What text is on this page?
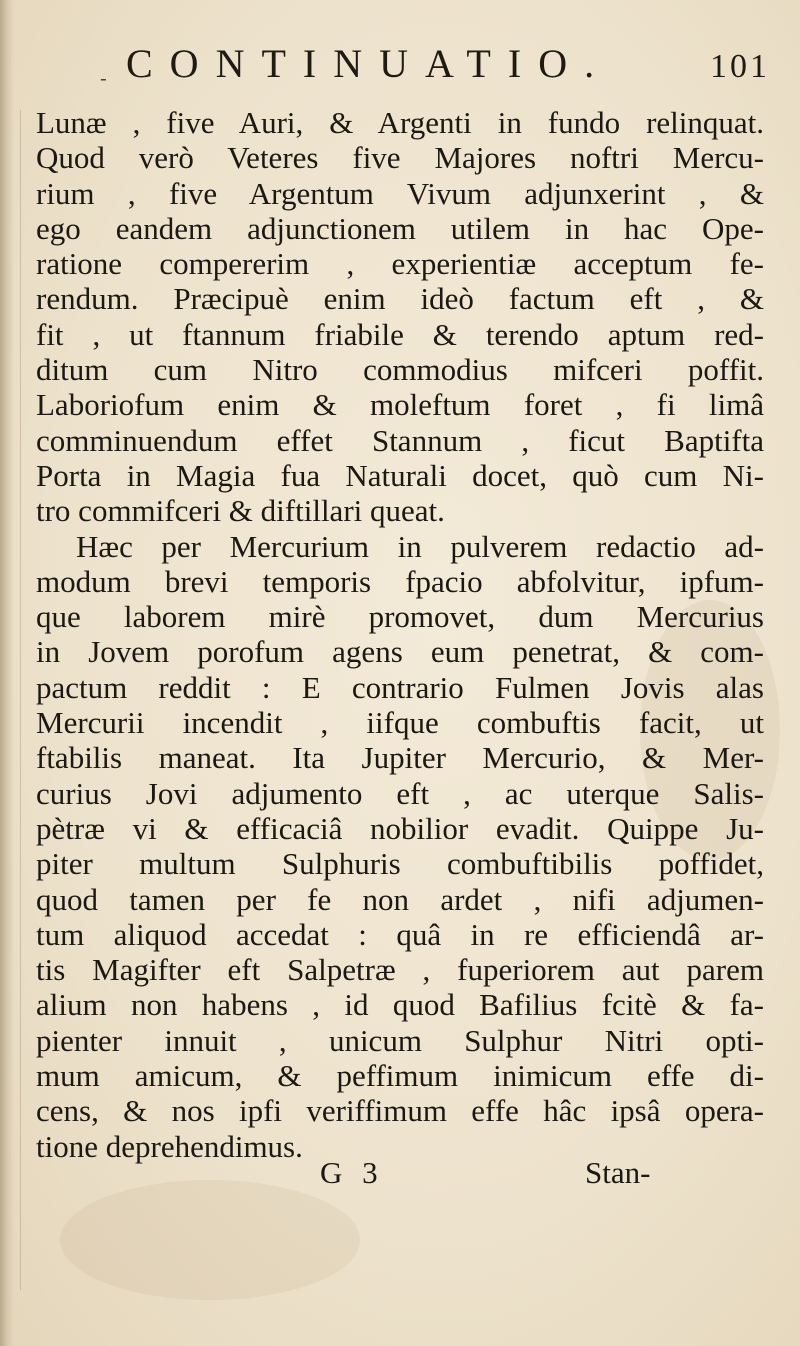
- CONTINUATIO.	101
Lunæ , five Auri, & Argenti in fundo relinquat.
Quod verò Veteres five Majores noftri Mercu-
rium , five Argentum Vivum adjunxerint , &
ego eandem adjunctionem utilem in hac Ope-
ratione compererim , experientiæ acceptum fe-
rendum. Præcipuè enim ideò factum eft , &
fit , ut ftannum friabile & terendo aptum red-
ditum cum Nitro commodius mifceri poffit.
Laboriofum enim & moleftum foret , fi limâ
comminuendum effet Stannum , ficut Baptifta
Porta in Magia fua Naturali docet, quò cum Ni-
tro commifceri & diftillari queat.
Hæc per Mercurium in pulverem redactio ad-
modum brevi temporis fpacio abfolvitur, ipfum-
que laborem mirè promovet, dum Mercurius
in Jovem porofum agens eum penetrat, & com-
pactum reddit : E contrario Fulmen Jovis alas
Mercurii incendit , iifque combuftis facit, ut
ftabilis maneat. Ita Jupiter Mercurio, & Mer-
curius Jovi adjumento eft , ac uterque Salis-
pètræ vi & efficaciâ nobilior evadit. Quippe Ju-
piter multum Sulphuris combuftibilis poffidet,
quod tamen per fe non ardet , nifi adjumen-
tum aliquod accedat : quâ in re efficiendâ ar-
tis Magifter eft Salpetræ , fuperiorem aut parem
alium non habens , id quod Bafilius fcitè & fa-
pienter innuit , unicum Sulphur Nitri opti-
mum amicum, & peffimum inimicum effe di-
cens, & nos ipfi veriffimum effe hâc ipsâ opera-
tione deprehendimus.
G 3	Stan-
